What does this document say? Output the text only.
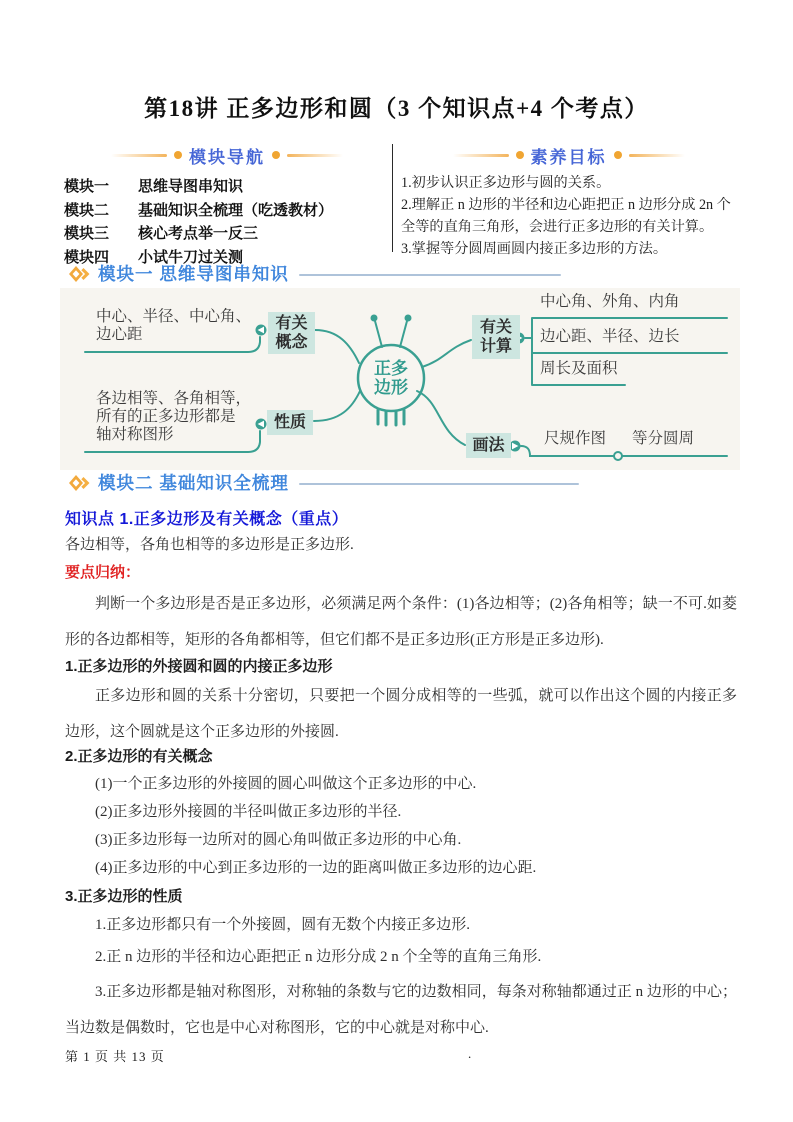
第18讲 正多边形和圆（3 个知识点+4 个考点）
模块导航
模块一	思维导图串知识
模块二	基础知识全梳理（吃透教材）
模块三	核心考点举一反三
模块四	小试牛刀过关测
素养目标
1.初步认识正多边形与圆的关系。
2.理解正 n 边形的半径和边心距把正 n 边形分成 2n 个全等的直角三角形，会进行正多边形的有关计算。
3.掌握等分圆周画圆内接正多边形的方法。
模块一 思维导图串知识
中心、半径、中心角、
边心距
各边相等、各角相等，
所有的正多边形都是
轴对称图形
有关
概念
性质
正多
边形
有关
计算
中心角、外角、内角
边心距、半径、边长
周长及面积
画法	尺规作图 等分圆周
模块二 基础知识全梳理
知识点 1.正多边形及有关概念（重点）

各边相等，各角也相等的多边形是正多边形.

要点归纳：

判断一个多边形是否是正多边形，必须满足两个条件：(1)各边相等；(2)各角相等；缺一不可.如菱形的各边都相等，矩形的各角都相等，但它们都不是正多边形(正方形是正多边形).

1.正多边形的外接圆和圆的内接正多边形

正多边形和圆的关系十分密切，只要把一个圆分成相等的一些弧，就可以作出这个圆的内接正多边形，这个圆就是这个正多边形的外接圆.

2.正多边形的有关概念

(1)一个正多边形的外接圆的圆心叫做这个正多边形的中心.

(2)正多边形外接圆的半径叫做正多边形的半径.

(3)正多边形每一边所对的圆心角叫做正多边形的中心角.

(4)正多边形的中心到正多边形的一边的距离叫做正多边形的边心距.

3.正多边形的性质

1.正多边形都只有一个外接圆，圆有无数个内接正多边形.

2.正 n 边形的半径和边心距把正 n 边形分成 2 n 个全等的直角三角形.

3.正多边形都是轴对称图形，对称轴的条数与它的边数相同，每条对称轴都通过正 n 边形的中心；当边数是偶数时，它也是中心对称图形，它的中心就是对称中心.

第 1 页 共 13 页	.
